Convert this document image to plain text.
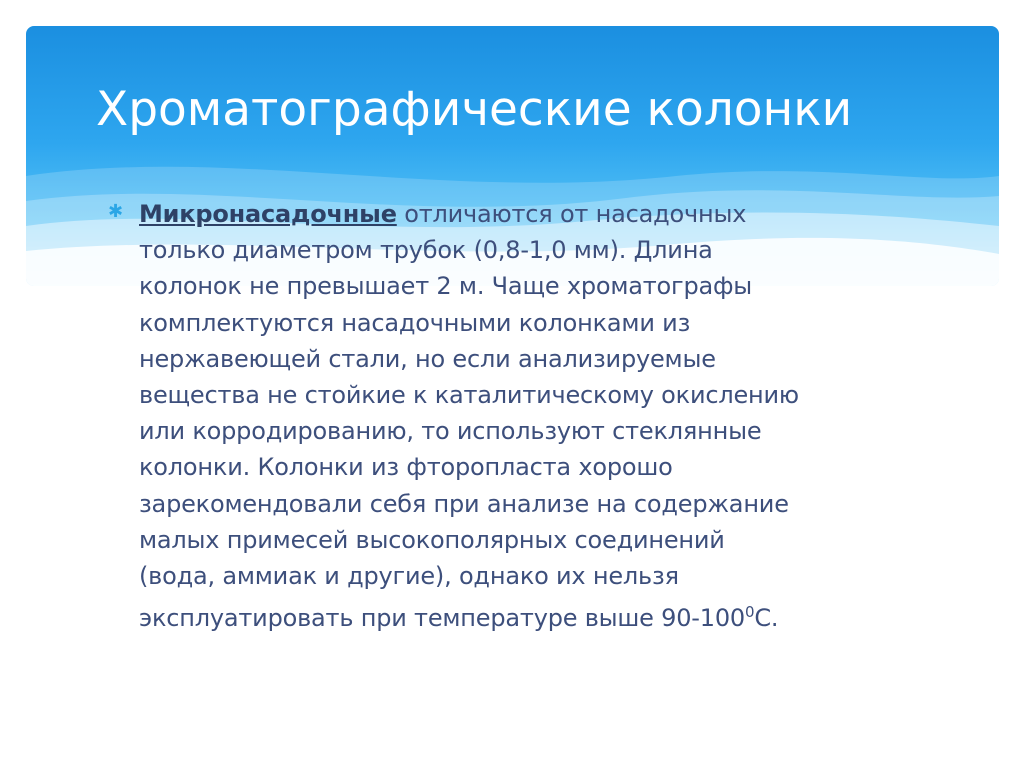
Хроматографические колонки
✱ Микронасадочные отличаются от насадочных
только диаметром трубок (0,8-1,0 мм). Длина
колонок не превышает 2 м. Чаще хроматографы
комплектуются насадочными колонками из
нержавеющей стали, но если анализируемые
вещества не стойкие к каталитическому окислению
или корродированию, то используют стеклянные
колонки. Колонки из фторопласта хорошо
зарекомендовали себя при анализе на содержание
малых примесей высокополярных соединений
(вода, аммиак и другие), однако их нельзя
эксплуатировать при температуре выше $90-100^0С$.
